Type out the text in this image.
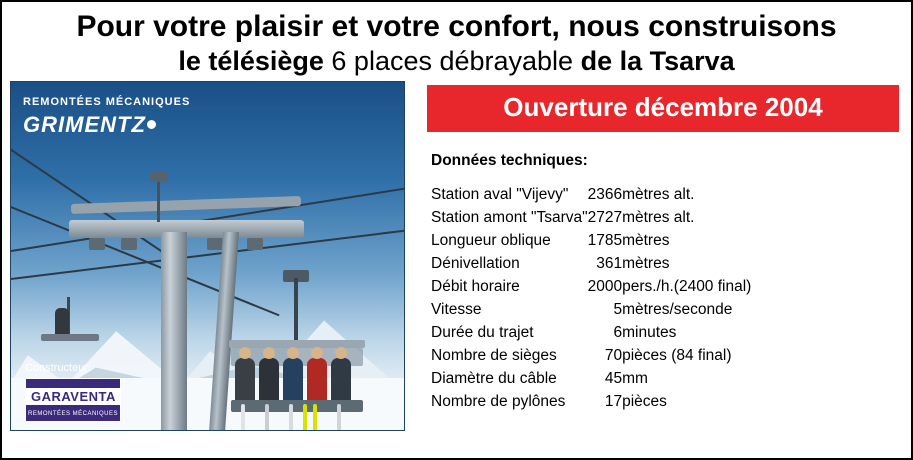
Pour votre plaisir et votre confort, nous construisons
le télésiège 6 places débrayable de la Tsarva
REMONTÉES MÉCANIQUES
GRIMENTZ
Constructeur:
GARAVENTA
REMONTÉES MÉCANIQUES
Ouverture décembre 2004
Données techniques:
Station aval "Vijevy"	2366	mètres alt.
Station amont "Tsarva"	2727	mètres alt.
Longueur oblique	1785	mètres
Dénivellation	361	mètres
Débit horaire	2000	pers./h.(2400 final)
Vitesse	5	mètres/seconde
Durée du trajet	6	minutes
Nombre de sièges	70	pièces (84 final)
Diamètre du câble	45	mm
Nombre de pylônes	17	pièces
